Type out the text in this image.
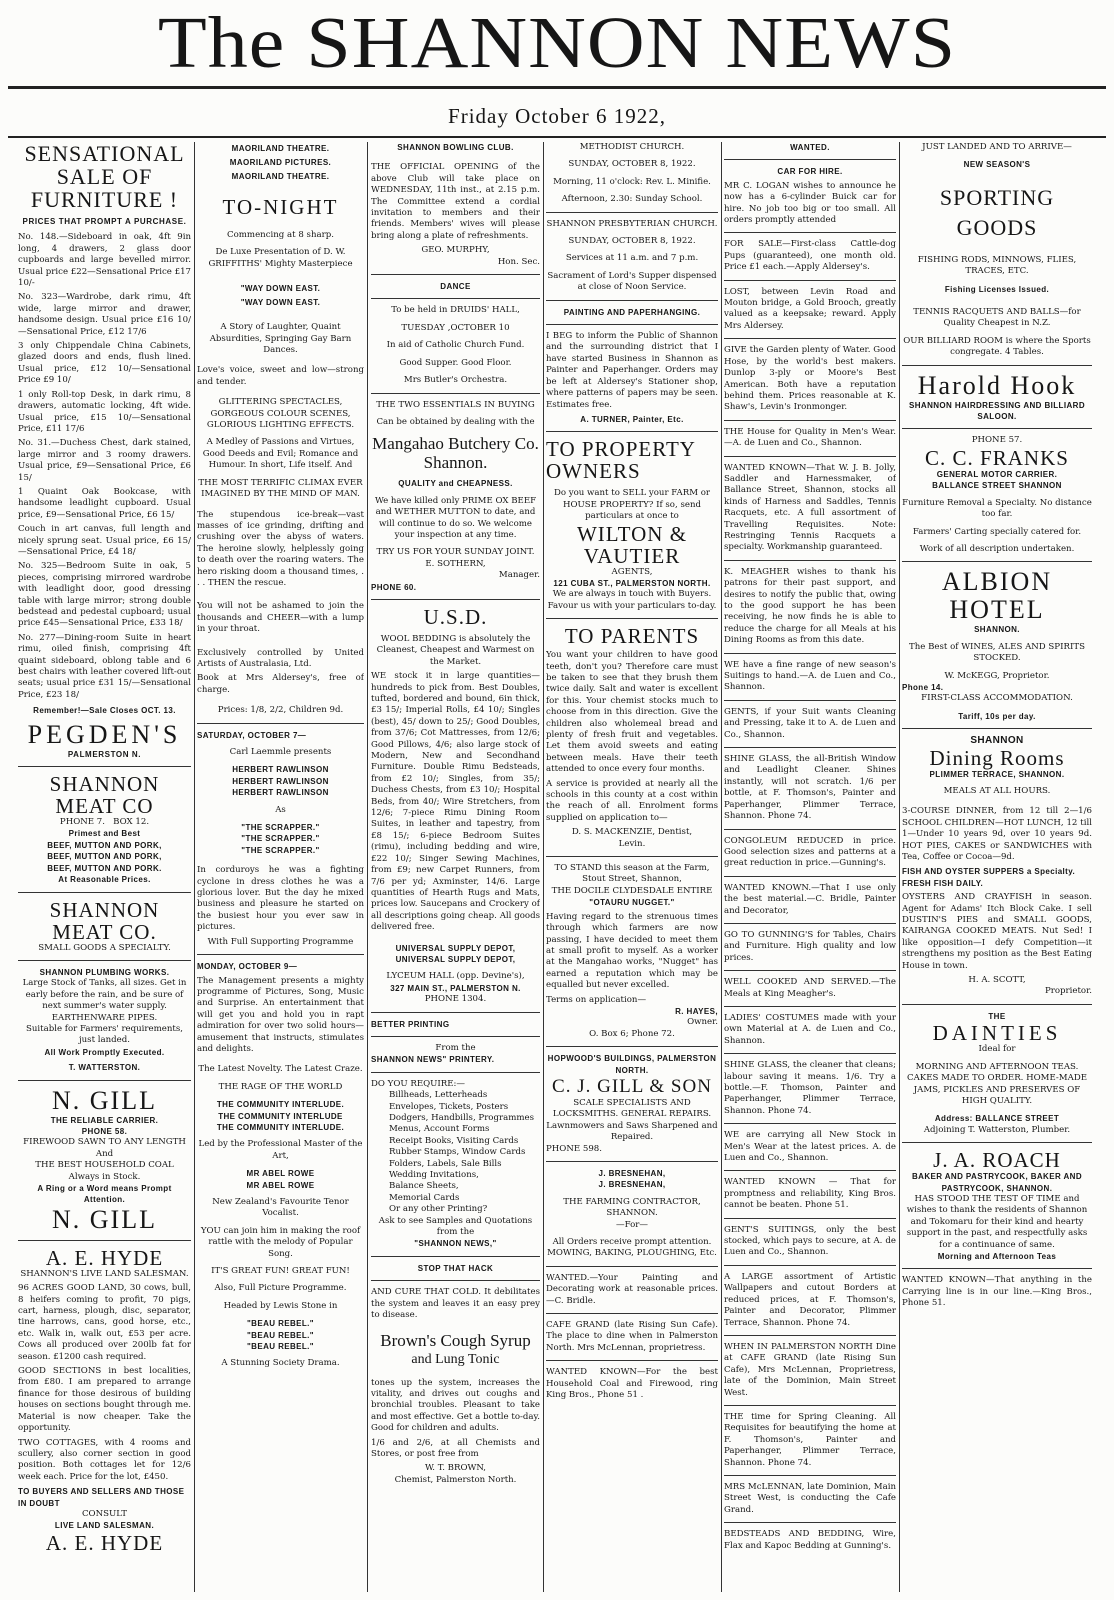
The SHANNON NEWS
Friday October 6 1922,
SENSATIONAL SALE OF FURNITURE !
PRICES THAT PROMPT A PURCHASE.
No. 148.—Sideboard in oak, 4ft 9in long, 4 drawers, 2 glass door cupboards and large bevelled mirror. Usual price £22—Sensational Price £17 10/-
No. 323—Wardrobe, dark rimu, 4ft wide, large mirror and drawer, handsome design. Usual price £16 10/—Sensational Price, £12 17/6
3 only Chippendale China Cabinets, glazed doors and ends, flush lined. Usual price, £12 10/—Sensational Price £9 10/
1 only Roll-top Desk, in dark rimu, 8 drawers, automatic locking, 4ft wide. Usual price, £15 10/—Sensational Price, £11 17/6
No. 31.—Duchess Chest, dark stained, large mirror and 3 roomy drawers. Usual price, £9—Sensational Price, £6 15/
1 Quaint Oak Bookcase, with handsome leadlight cupboard. Usual price, £9—Sensational Price, £6 15/
Couch in art canvas, full length and nicely sprung seat. Usual price, £6 15/—Sensational Price, £4 18/
No. 325—Bedroom Suite in oak, 5 pieces, comprising mirrored wardrobe with leadlight door, good dressing table with large mirror; strong double bedstead and pedestal cupboard; usual price £45—Sensational Price, £33 18/
No. 277—Dining-room Suite in heart rimu, oiled finish, comprising 4ft quaint sideboard, oblong table and 6 best chairs with leather covered lift-out seats; usual price £31 15/—Sensational Price, £23 18/
Remember!—Sale Closes OCT. 13.
PEGDEN'S
PALMERSTON N.
SHANNON MEAT CO
PHONE 7. BOX 12.
Primest and Best
BEEF, MUTTON AND PORK,
BEEF, MUTTON AND PORK,
BEEF, MUTTON AND PORK.
At Reasonable Prices.
SHANNON MEAT CO.
SMALL GOODS A SPECIALTY.
SHANNON PLUMBING WORKS.
Large Stock of Tanks, all sizes. Get in early before the rain, and be sure of next summer's water supply.
EARTHENWARE PIPES.
Suitable for Farmers' requirements, just landed.
All Work Promptly Executed.
T. WATTERSTON.
N. GILL
THE RELIABLE CARRIER.
PHONE 58.
FIREWOOD SAWN TO ANY LENGTH
And
THE BEST HOUSEHOLD COAL
Always in Stock.
A Ring or a Word means Prompt Attention.
N. GILL
A. E. HYDE
SHANNON'S LIVE LAND SALESMAN.
96 ACRES GOOD LAND, 30 cows, bull, 8 heifers coming to profit, 70 pigs, cart, harness, plough, disc, separator, tine harrows, cans, good horse, etc., etc. Walk in, walk out, £53 per acre. Cows all produced over 200lb fat for season. £1200 cash required.
GOOD SECTIONS in best localities, from £80. I am prepared to arrange finance for those desirous of building houses on sections bought through me. Material is now cheaper. Take the opportunity.
TWO COTTAGES, with 4 rooms and scullery, also corner section in good position. Both cottages let for 12/6 week each. Price for the lot, £450.
TO BUYERS AND SELLERS AND THOSE IN DOUBT
CONSULT
LIVE LAND SALESMAN.
A. E. HYDE
MAORILAND THEATRE.
MAORILAND PICTURES.
MAORILAND THEATRE.
TO-NIGHT
Commencing at 8 sharp.
De Luxe Presentation of D. W. GRIFFITHS' Mighty Masterpiece
"WAY DOWN EAST.
"WAY DOWN EAST.
A Story of Laughter, Quaint Absurdities, Springing Gay Barn Dances.
Love's voice, sweet and low—strong and tender.
GLITTERING SPECTACLES, GORGEOUS COLOUR SCENES, GLORIOUS LIGHTING EFFECTS.
A Medley of Passions and Virtues, Good Deeds and Evil; Romance and Humour. In short, Life itself. And
THE MOST TERRIFIC CLIMAX EVER IMAGINED BY THE MIND OF MAN.
The stupendous ice-break—vast masses of ice grinding, drifting and crushing over the abyss of waters. The heroine slowly, helplessly going to death over the roaring waters. The hero risking doom a thousand times, . . . THEN the rescue.
You will not be ashamed to join the thousands and CHEER—with a lump in your throat.
Exclusively controlled by United Artists of Australasia, Ltd.
Book at Mrs Aldersey's, free of charge.
Prices: 1/8, 2/2, Children 9d.
SATURDAY, OCTOBER 7—
Carl Laemmle presents
HERBERT RAWLINSON
HERBERT RAWLINSON
HERBERT RAWLINSON
As
"THE SCRAPPER."
"THE SCRAPPER."
"THE SCRAPPER."
In corduroys he was a fighting cyclone in dress clothes he was a glorious lover. But the day he mixed business and pleasure he started on the busiest hour you ever saw in pictures.
With Full Supporting Programme
MONDAY, OCTOBER 9—
The Management presents a mighty programme of Pictures, Song, Music and Surprise. An entertainment that will get you and hold you in rapt admiration for over two solid hours—amusement that instructs, stimulates and delights.
The Latest Novelty. The Latest Craze.
THE RAGE OF THE WORLD
THE COMMUNITY INTERLUDE.
THE COMMUNITY INTERLUDE
THE COMMUNITY INTERLUDE.
Led by the Professional Master of the Art,
MR ABEL ROWE
MR ABEL ROWE
New Zealand's Favourite Tenor Vocalist.
YOU can join him in making the roof rattle with the melody of Popular Song.
IT'S GREAT FUN! GREAT FUN!
Also, Full Picture Programme.
Headed by Lewis Stone in
"BEAU REBEL."
"BEAU REBEL."
"BEAU REBEL."
A Stunning Society Drama.
SHANNON BOWLING CLUB.
THE OFFICIAL OPENING of the above Club will take place on WEDNESDAY, 11th inst., at 2.15 p.m. The Committee extend a cordial invitation to members and their friends. Members' wives will please bring along a plate of refreshments.
GEO. MURPHY,
Hon. Sec.
DANCE
To be held in DRUIDS' HALL,
TUESDAY ,OCTOBER 10
In aid of Catholic Church Fund.
Good Supper. Good Floor.
Mrs Butler's Orchestra.
THE TWO ESSENTIALS IN BUYING
Can be obtained by dealing with the
Mangahao Butchery Co. Shannon.
QUALITY and CHEAPNESS.
We have killed only PRIME OX BEEF and WETHER MUTTON to date, and will continue to do so. We welcome your inspection at any time.
TRY US FOR YOUR SUNDAY JOINT.
E. SOTHERN,
Manager.
PHONE 60.
U.S.D.
WOOL BEDDING is absolutely the Cleanest, Cheapest and Warmest on the Market.
WE stock it in large quantities—hundreds to pick from. Best Doubles, tufted, bordered and bound, 6in thick, £3 15/; Imperial Rolls, £4 10/; Singles (best), 45/ down to 25/; Good Doubles, from 37/6; Cot Mattresses, from 12/6; Good Pillows, 4/6; also large stock of Modern, New and Secondhand Furniture. Double Rimu Bedsteads, from £2 10/; Singles, from 35/; Duchess Chests, from £3 10/; Hospital Beds, from 40/; Wire Stretchers, from 12/6; 7-piece Rimu Dining Room Suites, in leather and tapestry, from £8 15/; 6-piece Bedroom Suites (rimu), including bedding and wire, £22 10/; Singer Sewing Machines, from £9; new Carpet Runners, from 7/6 per yd; Axminster, 14/6. Large quantities of Hearth Rugs and Mats, prices low. Saucepans and Crockery of all descriptions going cheap. All goods delivered free.
UNIVERSAL SUPPLY DEPOT,
UNIVERSAL SUPPLY DEPOT,
LYCEUM HALL (opp. Devine's),
327 MAIN ST., PALMERSTON N.
PHONE 1304.
BETTER PRINTING
From the
SHANNON NEWS" PRINTERY.
DO YOU REQUIRE:—
Billheads, Letterheads
Envelopes, Tickets, Posters
Dodgers, Handbills, Programmes
Menus, Account Forms
Receipt Books, Visiting Cards
Rubber Stamps, Window Cards
Folders, Labels, Sale Bills
Wedding Invitations,
Balance Sheets,
Memorial Cards
Or any other Printing?
Ask to see Samples and Quotations from the
"SHANNON NEWS,"
STOP THAT HACK
AND CURE THAT COLD. It debilitates the system and leaves it an easy prey to disease.
Brown's Cough Syrup
and Lung Tonic
tones up the system, increases the vitality, and drives out coughs and bronchial troubles. Pleasant to take and most effective. Get a bottle to-day. Good for children and adults.
1/6 and 2/6, at all Chemists and Stores, or post free from
W. T. BROWN,
Chemist, Palmerston North.
METHODIST CHURCH.
SUNDAY, OCTOBER 8, 1922.
Morning, 11 o'clock: Rev. L. Minifie.
Afternoon, 2.30: Sunday School.
SHANNON PRESBYTERIAN CHURCH.
SUNDAY, OCTOBER 8, 1922.
Services at 11 a.m. and 7 p.m.
Sacrament of Lord's Supper dispensed at close of Noon Service.
PAINTING AND PAPERHANGING.
I BEG to inform the Public of Shannon and the surrounding district that I have started Business in Shannon as Painter and Paperhanger. Orders may be left at Aldersey's Stationer shop, where patterns of papers may be seen. Estimates free.
A. TURNER, Painter, Etc.
TO PROPERTY OWNERS
Do you want to SELL your FARM or HOUSE PROPERTY? If so, send particulars at once to
WILTON & VAUTIER
AGENTS,
121 CUBA ST., PALMERSTON NORTH.
We are always in touch with Buyers. Favour us with your particulars to-day.
TO PARENTS
You want your children to have good teeth, don't you? Therefore care must be taken to see that they brush them twice daily. Salt and water is excellent for this. Your chemist stocks much to choose from in this direction. Give the children also wholemeal bread and plenty of fresh fruit and vegetables. Let them avoid sweets and eating between meals. Have their teeth attended to once every four months.
A service is provided at nearly all the schools in this county at a cost within the reach of all. Enrolment forms supplied on application to—
D. S. MACKENZIE, Dentist,
Levin.
TO STAND this season at the Farm, Stout Street, Shannon,
THE DOCILE CLYDESDALE ENTIRE
"OTAURU NUGGET."
Having regard to the strenuous times through which farmers are now passing, I have decided to meet them at small profit to myself. As a worker at the Mangahao works, "Nugget" has earned a reputation which may be equalled but never excelled.
Terms on application—
R. HAYES,
Owner.
O. Box 6; Phone 72.
HOPWOOD'S BUILDINGS, PALMERSTON NORTH.
C. J. GILL & SON
SCALE SPECIALISTS AND LOCKSMITHS. GENERAL REPAIRS.
Lawnmowers and Saws Sharpened and Repaired.
PHONE 598.
J. BRESNEHAN,
J. BRESNEHAN,
THE FARMING CONTRACTOR, SHANNON.
—For—
All Orders receive prompt attention. MOWING, BAKING, PLOUGHING, Etc.
WANTED.—Your Painting and Decorating work at reasonable prices.—C. Bridle.
CAFE GRAND (late Rising Sun Cafe). The place to dine when in Palmerston North. Mrs McLennan, proprietress.
WANTED KNOWN—For the best Household Coal and Firewood, ring King Bros., Phone 51 .
WANTED.
CAR FOR HIRE.
MR C. LOGAN wishes to announce he now has a 6-cylinder Buick car for hire. No job too big or too small. All orders promptly attended
FOR SALE—First-class Cattle-dog Pups (guaranteed), one month old. Price £1 each.—Apply Aldersey's.
LOST, between Levin Road and Mouton bridge, a Gold Brooch, greatly valued as a keepsake; reward. Apply Mrs Aldersey.
GIVE the Garden plenty of Water. Good Hose, by the world's best makers. Dunlop 3-ply or Moore's Best American. Both have a reputation behind them. Prices reasonable at K. Shaw's, Levin's Ironmonger.
THE House for Quality in Men's Wear.—A. de Luen and Co., Shannon.
WANTED KNOWN—That W. J. B. Jolly, Saddler and Harnessmaker, of Ballance Street, Shannon, stocks all kinds of Harness and Saddles, Tennis Racquets, etc. A full assortment of Travelling Requisites. Note: Restringing Tennis Racquets a specialty. Workmanship guaranteed.
K. MEAGHER wishes to thank his patrons for their past support, and desires to notify the public that, owing to the good support he has been receiving, he now finds he is able to reduce the charge for all Meals at his Dining Rooms as from this date.
WE have a fine range of new season's Suitings to hand.—A. de Luen and Co., Shannon.
GENTS, if your Suit wants Cleaning and Pressing, take it to A. de Luen and Co., Shannon.
SHINE GLASS, the all-British Window and Leadlight Cleaner. Shines instantly, will not scratch. 1/6 per bottle, at F. Thomson's, Painter and Paperhanger, Plimmer Terrace, Shannon. Phone 74.
CONGOLEUM REDUCED in price. Good selection sizes and patterns at a great reduction in price.—Gunning's.
WANTED KNOWN.—That I use only the best material.—C. Bridle, Painter and Decorator,
GO TO GUNNING'S for Tables, Chairs and Furniture. High quality and low prices.
WELL COOKED AND SERVED.—The Meals at King Meagher's.
LADIES' COSTUMES made with your own Material at A. de Luen and Co., Shannon.
SHINE GLASS, the cleaner that cleans; labour saving it means. 1/6. Try a bottle.—F. Thomson, Painter and Paperhanger, Plimmer Terrace, Shannon. Phone 74.
WE are carrying all New Stock in Men's Wear at the latest prices. A. de Luen and Co., Shannon.
WANTED KNOWN — That for promptness and reliability, King Bros. cannot be beaten. Phone 51.
GENT'S SUITINGS, only the best stocked, which pays to secure, at A. de Luen and Co., Shannon.
A LARGE assortment of Artistic Wallpapers and cutout Borders at reduced prices, at F. Thomson's, Painter and Decorator, Plimmer Terrace, Shannon. Phone 74.
WHEN IN PALMERSTON NORTH Dine at CAFE GRAND (late Rising Sun Cafe), Mrs McLennan, Proprietress, late of the Dominion, Main Street West.
THE time for Spring Cleaning. All Requisites for beautifying the home at F. Thomson's, Painter and Paperhanger, Plimmer Terrace, Shannon. Phone 74.
MRS McLENNAN, late Dominion, Main Street West, is conducting the Cafe Grand.
BEDSTEADS AND BEDDING, Wire, Flax and Kapoc Bedding at Gunning's.
JUST LANDED AND TO ARRIVE—
NEW SEASON'S
SPORTING GOODS
FISHING RODS, MINNOWS, FLIES, TRACES, ETC.
Fishing Licenses Issued.
TENNIS RACQUETS AND BALLS—for Quality Cheapest in N.Z.
OUR BILLIARD ROOM is where the Sports congregate. 4 Tables.
Harold Hook
SHANNON HAIRDRESSING AND BILLIARD SALOON.
PHONE 57.
C. C. FRANKS
GENERAL MOTOR CARRIER.
BALLANCE STREET SHANNON
Furniture Removal a Specialty. No distance too far.
Farmers' Carting specially catered for.
Work of all description undertaken.
ALBION HOTEL
SHANNON.
The Best of WINES, ALES AND SPIRITS STOCKED.
W. McKEGG, Proprietor.
Phone 14.
FIRST-CLASS ACCOMMODATION.
Tariff, 10s per day.
SHANNON
Dining Rooms
PLIMMER TERRACE, SHANNON.
MEALS AT ALL HOURS.
3-COURSE DINNER, from 12 till 2—1/6 SCHOOL CHILDREN—HOT LUNCH, 12 till 1—Under 10 years 9d, over 10 years 9d. HOT PIES, CAKES or SANDWICHES with Tea, Coffee or Cocoa—9d.
FISH AND OYSTER SUPPERS a Specialty. FRESH FISH DAILY.
OYSTERS AND CRAYFISH in season. Agent for Adams' Itch Block Cake. I sell DUSTIN'S PIES and SMALL GOODS, KAIRANGA COOKED MEATS. Nut Sed! I like opposition—I defy Competition—it strengthens my position as the Best Eating House in town.
H. A. SCOTT,
Proprietor.
THE
DAINTIES
Ideal for
MORNING AND AFTERNOON TEAS. CAKES MADE TO ORDER. HOME-MADE JAMS, PICKLES AND PRESERVES OF HIGH QUALITY.
Address: BALLANCE STREET
Adjoining T. Watterston, Plumber.
J. A. ROACH
BAKER AND PASTRYCOOK, BAKER AND PASTRYCOOK, SHANNON.
HAS STOOD THE TEST OF TIME and wishes to thank the residents of Shannon and Tokomaru for their kind and hearty support in the past, and respectfully asks for a continuance of same.
Morning and Afternoon Teas
WANTED KNOWN—That anything in the Carrying line is in our line.—King Bros., Phone 51.
